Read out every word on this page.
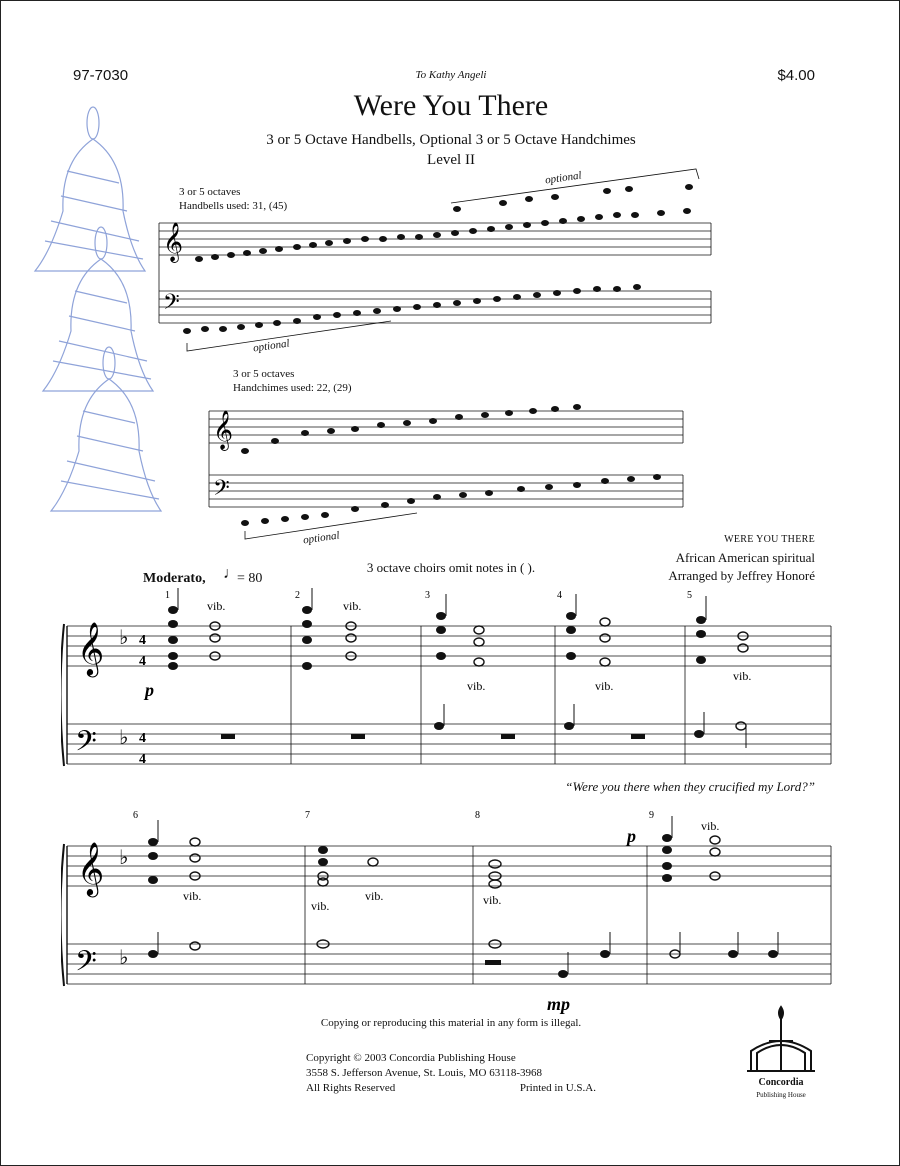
97-7030	$4.00
To Kathy Angeli
Were You There
3 or 5 Octave Handbells, Optional 3 or 5 Octave Handchimes
Level II
3 or 5 octaves
Handbells used: 31, (45)
3 or 5 octaves
Handchimes used: 22, (29)
𝄞
𝄢
optional
optional
𝄞
𝄢
optional	WERE YOU THERE
African American spiritual
Arranged by Jeffrey Honoré
3 octave choirs omit notes in ( ).
Moderato, ♩
= 80
𝄞
𝄢
♭
♭
4
4
4
4
1	2	3	4	5
vib.	vib.
vib.	vib.
vib.
p
“Were you there when they crucified my Lord?”
𝄞
𝄢
♭
♭
6	7	8	9
vib.
vib.
vib.	vib.
vib.
p
mp
Copying or reproducing this material in any form is illegal.
Copyright © 2003 Concordia Publishing House
3558 S. Jefferson Avenue, St. Louis, MO 63118-3968
All Rights Reserved	Printed in U.S.A.	Concordia
Publishing House
